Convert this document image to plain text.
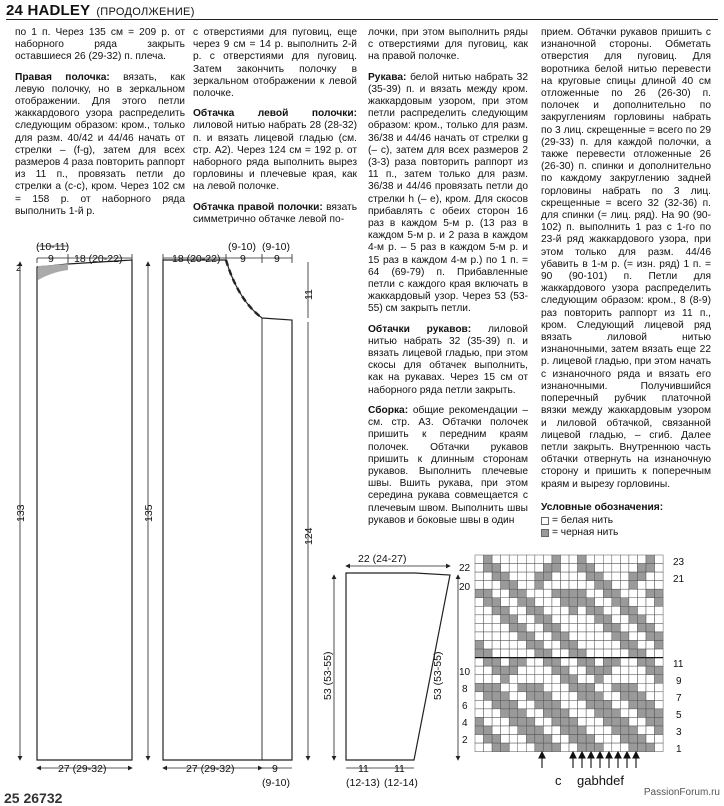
24 HADLEY (ПРОДОЛЖЕНИЕ)

по 1 п. Через 135 см = 209 р. от наборного ряда закрыть оставшиеся 26 (29-32) п. плеча.

Правая полочка: вязать, как левую полочку, но в зеркальном отображении. Для этого петли жаккардового узора распределить следующим образом: кром., только для разм. 40/42 и 44/46 начать от стрелки – (f-g), затем для всех размеров 4 раза повторить раппорт из 11 п., провязать петли до стрелки a (c-c), кром. Через 102 см = 158 р. от наборного ряда выполнить 1-й р.

с отверстиями для пуговиц, еще через 9 см = 14 р. выполнить 2-й р. с отверстиями для пуговиц. Затем закончить полочку в зеркальном отображении к левой полочке.

Обтачка левой полочки: лиловой нитью набрать 28 (28-32) п. и вязать лицевой гладью (см. стр. А2). Через 124 см = 192 р. от наборного ряда выполнить вырез горловины и плечевые края, как на левой полочке.

Обтачка правой полочки: вязать симметрично обтачке левой по-

лочки, при этом выполнить ряды с отверстиями для пуговиц, как на правой полочке.

Рукава: белой нитью набрать 32 (35-39) п. и вязать между кром. жаккардовым узором, при этом петли распределить следующим образом: кром., только для разм. 36/38 и 44/46 начать от стрелки g (– c), затем для всех размеров 2 (3-3) раза повторить раппорт из 11 п., затем только для разм. 36/38 и 44/46 провязать петли до стрелки h (– e), кром. Для скосов прибавлять с обеих сторон 16 раз в каждом 5-м р. (13 раз в каждом 5-м р. и 2 раза в каждом 4-м р. – 5 раз в каждом 5-м р. и 15 раз в каждом 4-м р.) по 1 п. = 64 (69-79) п. Прибавленные петли с каждого края включать в жаккардовый узор. Через 53 (53-55) см закрыть петли.

Обтачки рукавов: лиловой нитью набрать 32 (35-39) п. и вязать лицевой гладью, при этом скосы для обтачек выполнить, как на рукавах. Через 15 см от наборного ряда петли закрыть.

Сборка: общие рекомендации – см. стр. А3. Обтачки полочек пришить к передним краям полочек. Обтачки рукавов пришить к длинным сторонам рукавов. Выполнить плечевые швы. Вшить рукава, при этом середина рукава совмещается с плечевым швом. Выполнить швы рукавов и боковые швы в один

прием. Обтачки рукавов пришить с изнаночной стороны. Обметать отверстия для пуговиц. Для воротника белой нитью перевести на круговые спицы длиной 40 см отложенные по 26 (26-30) п. полочек и дополнительно по закруглениям горловины набрать по 3 лиц. скрещенные = всего по 29 (29-33) п. для каждой полочки, а также перевести отложенные 26 (26-30) п. спинки и дополнительно по каждому закруглению задней горловины набрать по 3 лиц. скрещенные = всего 32 (32-36) п. для спинки (= лиц. ряд). На 90 (90-102) п. выполнить 1 раз с 1-го по 23-й ряд жаккардового узора, при этом только для разм. 44/46 убавить в 1-м р. (= изн. ряд) 1 п. = 90 (90-101) п. Петли для жаккардового узора распределить следующим образом: кром., 8 (8-9) раз повторить раппорт из 11 п., кром. Следующий лицевой ряд вязать лиловой нитью изнаночными, затем вязать еще 22 р. лицевой гладью, при этом начать с изнаночного ряда и вязать его изнаночными. Получившийся поперечный рубчик платочной вязки между жаккардовым узором и лиловой обтачкой, связанной лицевой гладью, – сгиб. Далее петли закрыть. Внутреннюю часть обтачки отвернуть на изнаночную сторону и пришить к поперечным краям и вырезу горловины.

Условные обозначения:
= белая нить
= черная нить
(10-11)
9 18 (20-22)
2
133
27 (29-32)
(9-10) (9-10)
18 (20-22) 9	9
11
135
124
27 (29-32)	9
(9-10)
22 (24-27)
53 (53-55)	53 (53-55)
11
(12-13)
11
(12-14)
22
20
10
8
6
4
2
23
21
11
9
7
5
3
1
c gabhdef
PassionForum.ru
25 26732
